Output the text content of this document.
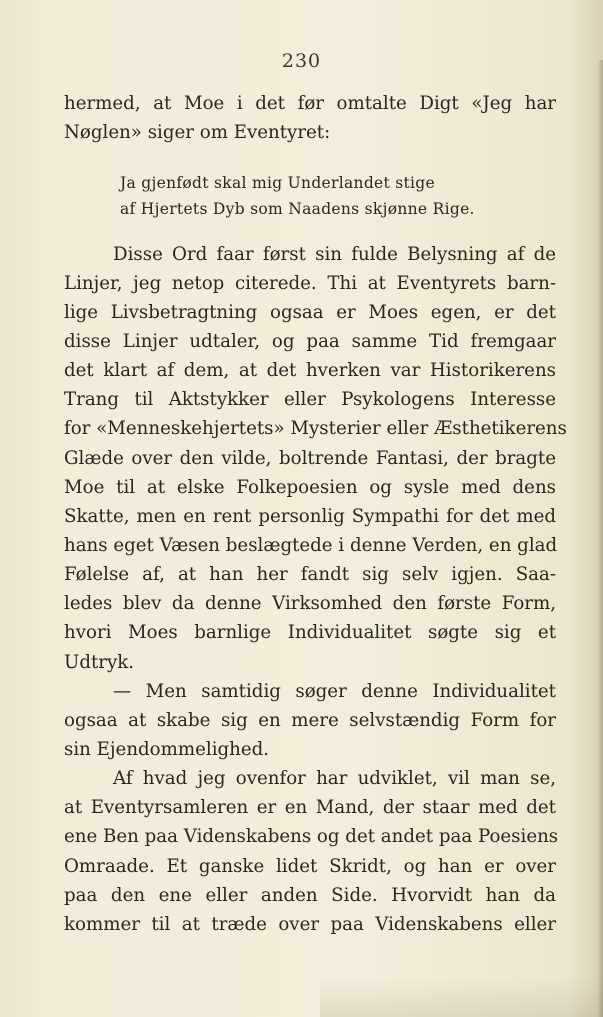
230
hermed, at Moe i det før omtalte Digt «Jeg har
Nøglen» siger om Eventyret:
Ja gjenfødt skal mig Underlandet stige
af Hjertets Dyb som Naadens skjønne Rige.
Disse Ord faar først sin fulde Belysning af de
Linjer, jeg netop citerede. Thi at Eventyrets barn-
lige Livsbetragtning ogsaa er Moes egen, er det
disse Linjer udtaler, og paa samme Tid fremgaar
det klart af dem, at det hverken var Historikerens
Trang til Aktstykker eller Psykologens Interesse
for «Menneskehjertets» Mysterier eller Æsthetikerens
Glæde over den vilde, boltrende Fantasi, der bragte
Moe til at elske Folkepoesien og sysle med dens
Skatte, men en rent personlig Sympathi for det med
hans eget Væsen beslægtede i denne Verden, en glad
Følelse af, at han her fandt sig selv igjen. Saa-
ledes blev da denne Virksomhed den første Form,
hvori Moes barnlige Individualitet søgte sig et
Udtryk.
— Men samtidig søger denne Individualitet
ogsaa at skabe sig en mere selvstændig Form for
sin Ejendommelighed.
Af hvad jeg ovenfor har udviklet, vil man se,
at Eventyrsamleren er en Mand, der staar med det
ene Ben paa Videnskabens og det andet paa Poesiens
Omraade. Et ganske lidet Skridt, og han er over
paa den ene eller anden Side. Hvorvidt han da
kommer til at træde over paa Videnskabens eller
